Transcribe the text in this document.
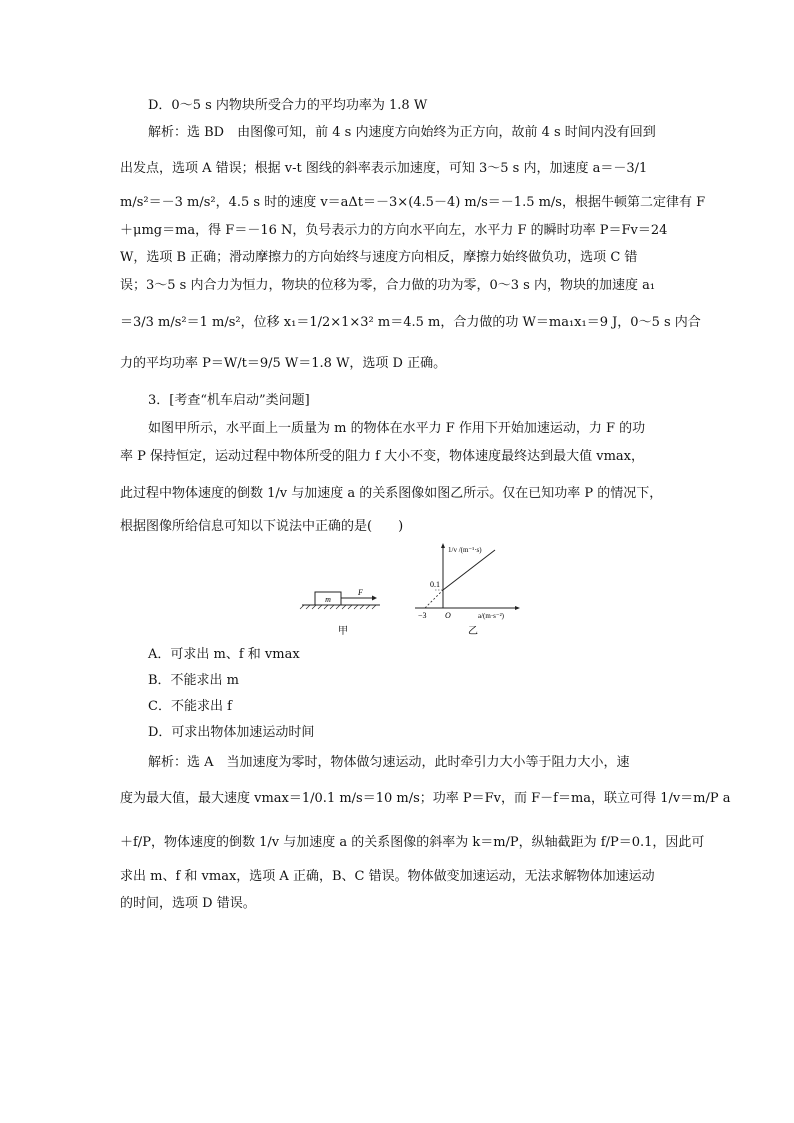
D．0～5 s 内物块所受合力的平均功率为 1.8 W
解析：选 BD　由图像可知，前 4 s 内速度方向始终为正方向，故前 4 s 时间内没有回到
出发点，选项 A 错误；根据 v-t 图线的斜率表示加速度，可知 3～5 s 内，加速度 a＝－3/1
m/s²＝－3 m/s²，4.5 s 时的速度 v＝aΔt＝－3×(4.5－4) m/s＝－1.5 m/s，根据牛顿第二定律有 F
＋μmg＝ma，得 F＝－16 N，负号表示力的方向水平向左，水平力 F 的瞬时功率 P＝Fv＝24
W，选项 B 正确；滑动摩擦力的方向始终与速度方向相反，摩擦力始终做负功，选项 C 错
误；3～5 s 内合力为恒力，物块的位移为零，合力做的功为零，0～3 s 内，物块的加速度 a₁
＝3/3 m/s²＝1 m/s²，位移 x₁＝1/2×1×3² m＝4.5 m，合力做的功 W＝ma₁x₁＝9 J，0～5 s 内合
力的平均功率 P＝W/t＝9/5 W＝1.8 W，选项 D 正确。
3．[考查“机车启动”类问题]
如图甲所示，水平面上一质量为 m 的物体在水平力 F 作用下开始加速运动，力 F 的功
率 P 保持恒定，运动过程中物体所受的阻力 f 大小不变，物体速度最终达到最大值 vmax，
此过程中物体速度的倒数 1/v 与加速度 a 的关系图像如图乙所示。仅在已知功率 P 的情况下，
根据图像所给信息可知以下说法中正确的是(　　)
m
F
0.1
−3 O
1/v /(m⁻¹·s)
a/(m·s⁻²)
甲	乙
A．可求出 m、f 和 vmax
B．不能求出 m
C．不能求出 f
D．可求出物体加速运动时间
解析：选 A　当加速度为零时，物体做匀速运动，此时牵引力大小等于阻力大小，速
度为最大值，最大速度 vmax＝1/0.1 m/s＝10 m/s；功率 P＝Fv，而 F－f＝ma，联立可得 1/v＝m/P a
＋f/P，物体速度的倒数 1/v 与加速度 a 的关系图像的斜率为 k＝m/P，纵轴截距为 f/P＝0.1，因此可
求出 m、f 和 vmax，选项 A 正确，B、C 错误。物体做变加速运动，无法求解物体加速运动
的时间，选项 D 错误。
